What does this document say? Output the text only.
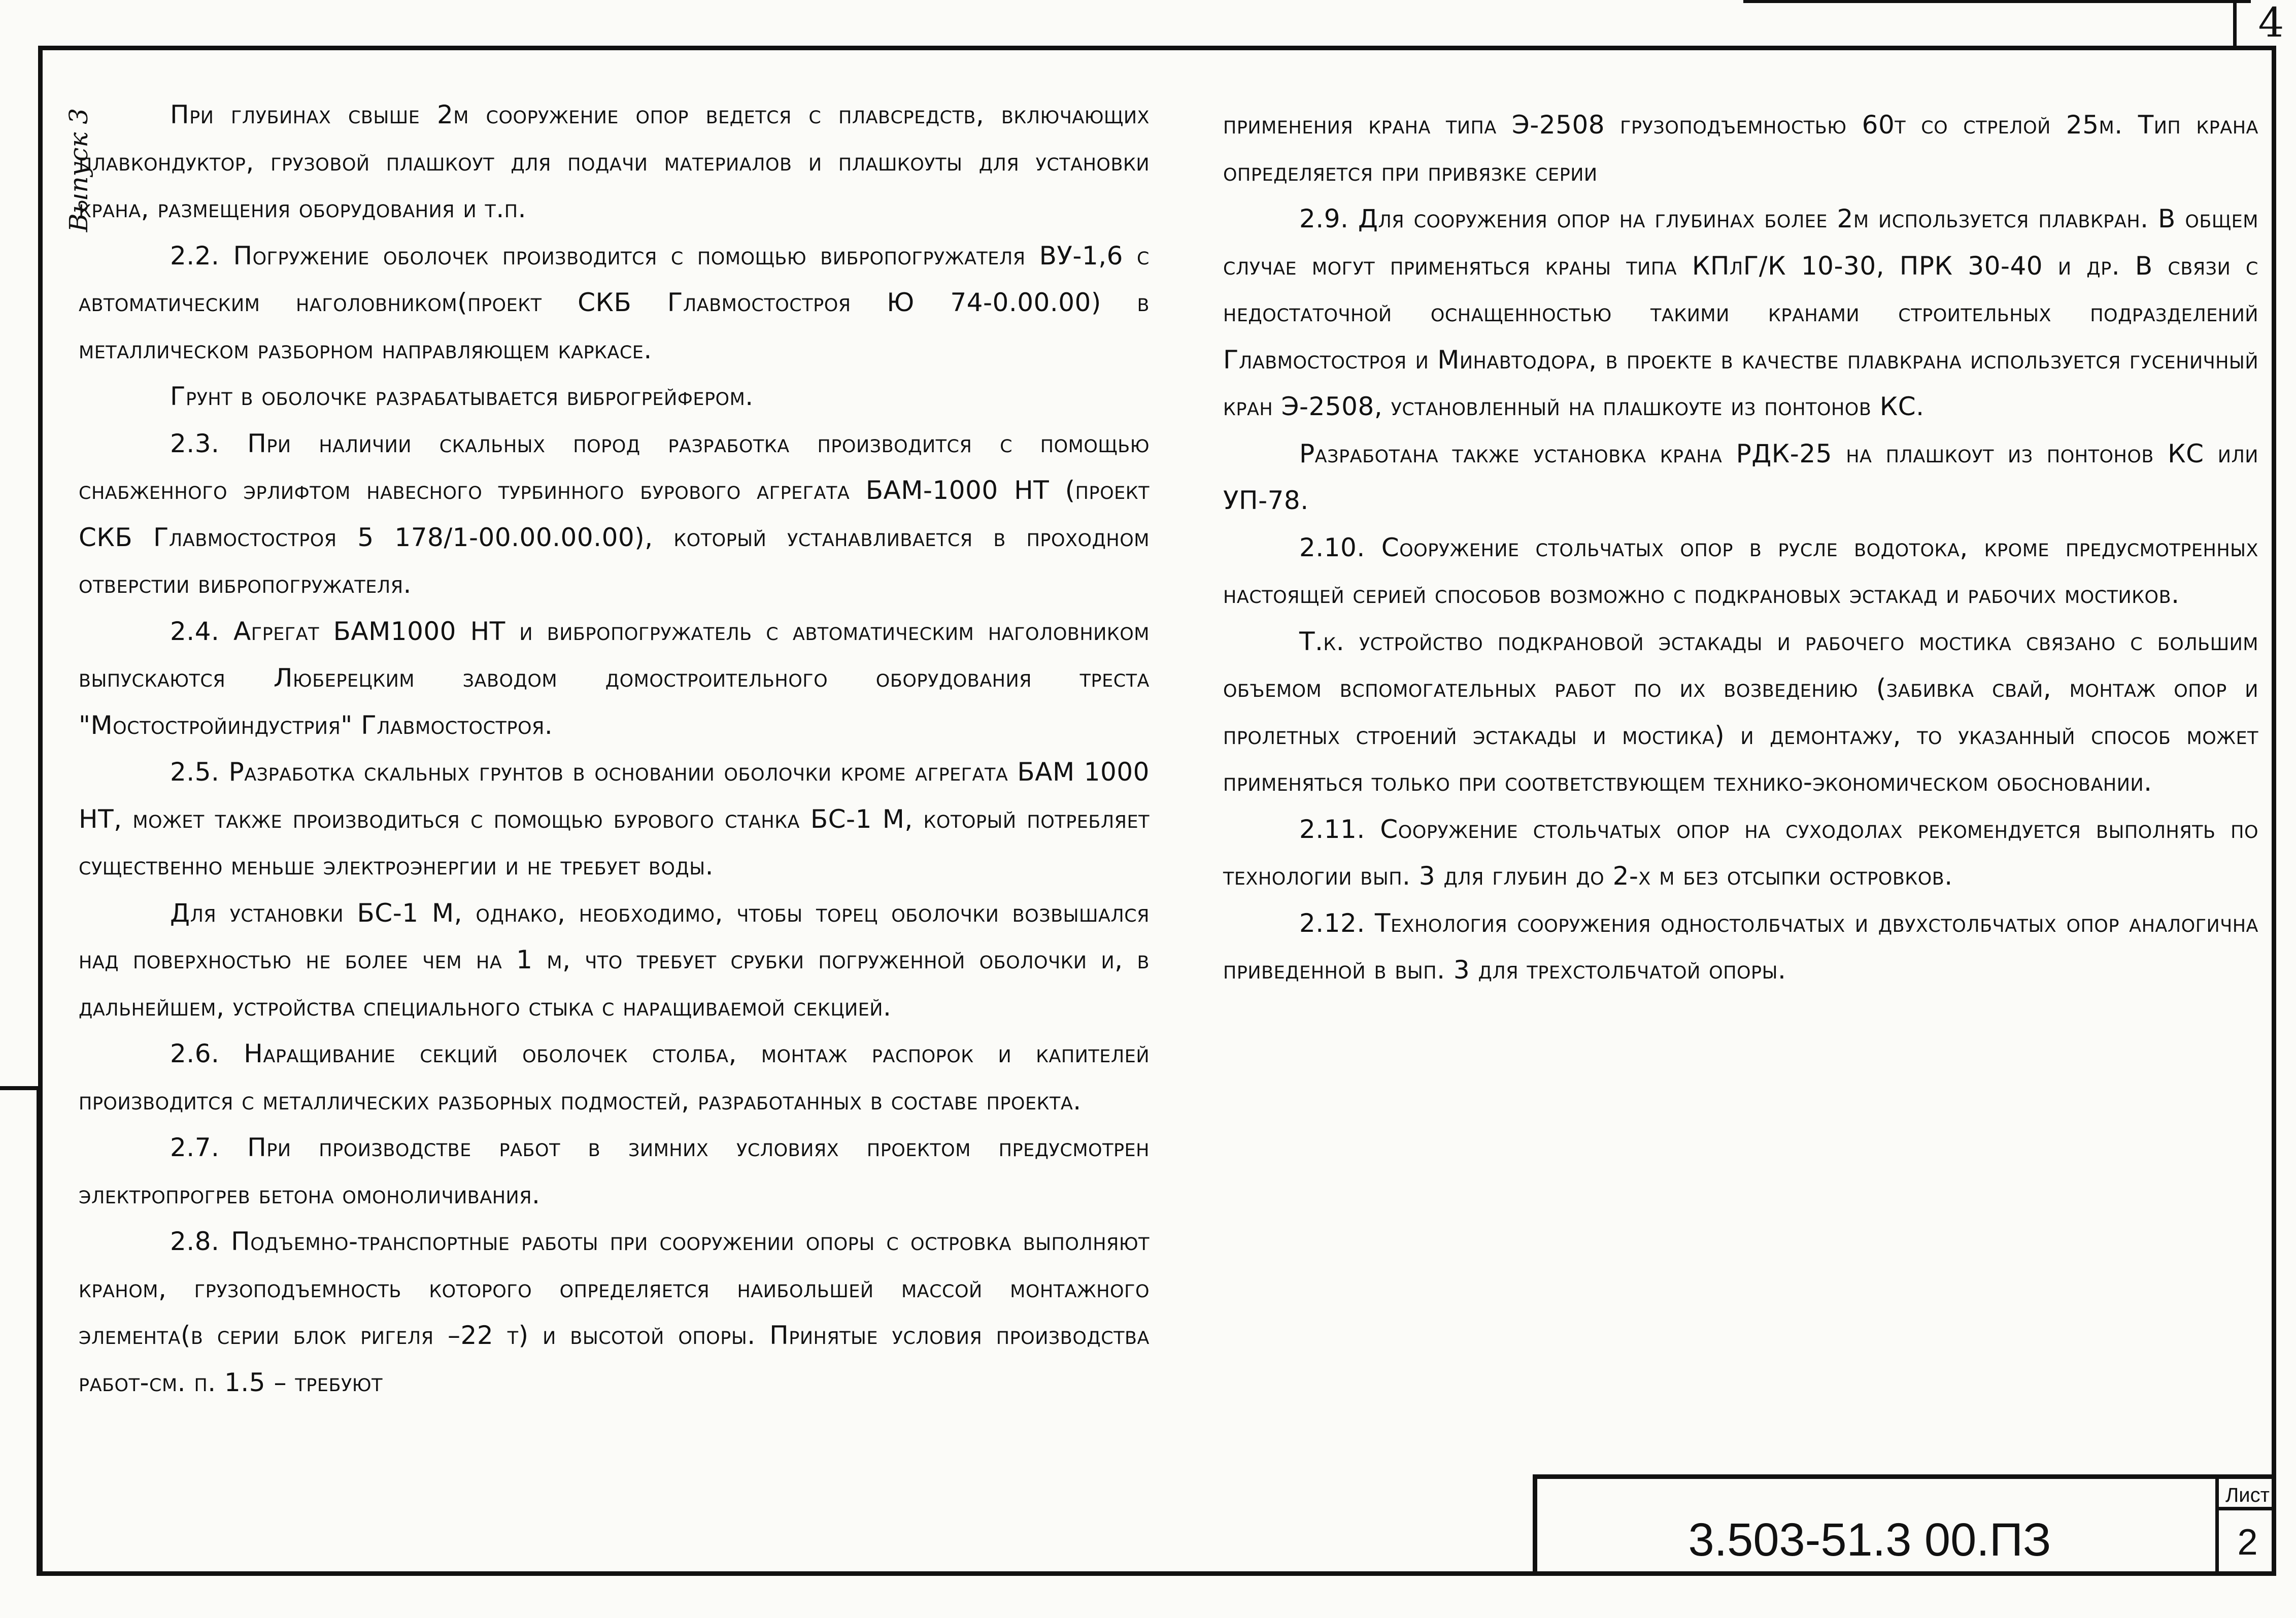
4
Выпуск 3	При глубинах свыше 2м сооружение опор ведется с плавсредств, включающих плавкондуктор, грузовой плашкоут для подачи материалов и плашкоуты для установки крана, размещения оборудования и т.п.

2.2. Погружение оболочек производится с помощью вибропогружателя ВУ-1,6 с автоматическим наголовником(проект СКБ Главмостостроя Ю 74-0.00.00) в металлическом разборном направляющем каркасе.

Грунт в оболочке разрабатывается виброгрейфером.

2.3. При наличии скальных пород разработка производится с помощью снабженного эрлифтом навесного турбинного бурового агрегата БАМ-1000 НТ (проект СКБ Главмостостроя 5 178/1-00.00.00.00), который устанавливается в проходном отверстии вибропогружателя.

2.4. Агрегат БАМ1000 НТ и вибропогружатель с автоматическим наголовником выпускаются Люберецким заводом домостроительного оборудования треста "Мостостройиндустрия" Главмостостроя.

2.5. Разработка скальных грунтов в основании оболочки кроме агрегата БАМ 1000 НТ, может также производиться с помощью бурового станка БС-1 М, который потребляет существенно меньше электроэнергии и не требует воды.

Для установки БС-1 М, однако, необходимо, чтобы торец оболочки возвышался над поверхностью не более чем на 1 м, что требует срубки погруженной оболочки и, в дальнейшем, устройства специального стыка с наращиваемой секцией.

2.6. Наращивание секций оболочек столба, монтаж распорок и капителей производится с металлических разборных подмостей, разработанных в составе проекта.

2.7. При производстве работ в зимних условиях проектом предусмотрен электропрогрев бетона омоноличивания.

2.8. Подъемно-транспортные работы при сооружении опоры с островка выполняют краном, грузоподъемность которого определяется наибольшей массой монтажного элемента(в серии блок ригеля –22 т) и высотой опоры. Принятые условия производства работ-см. п. 1.5 – требуют

применения крана типа Э-2508 грузоподъемностью 60т со стрелой 25м. Тип крана определяется при привязке серии

2.9. Для сооружения опор на глубинах более 2м используется плавкран. В общем случае могут применяться краны типа КПлГ/К 10-30, ПРК 30-40 и др. В связи с недостаточной оснащенностью такими кранами строительных подразделений Главмостостроя и Минавтодора, в проекте в качестве плавкрана используется гусеничный кран Э-2508, установленный на плашкоуте из понтонов КС.

Разработана также установка крана РДК-25 на плашкоут из понтонов КС или УП-78.

2.10. Сооружение стольчатых опор в русле водотока, кроме предусмотренных настоящей серией способов возможно с подкрановых эстакад и рабочих мостиков.

Т.к. устройство подкрановой эстакады и рабочего мостика связано с большим объемом вспомогательных работ по их возведению (забивка свай, монтаж опор и пролетных строений эстакады и мостика) и демонтажу, то указанный способ может применяться только при соответствующем технико-экономическом обосновании.

2.11. Сооружение стольчатых опор на суходолах рекомендуется выполнять по технологии вып. 3 для глубин до 2-х м без отсыпки островков.

2.12. Технология сооружения одностолбчатых и двухстолбчатых опор аналогична приведенной в вып. 3 для трехстолбчатой опоры.

3.503-51.3 00.ПЗ
Лист
2
